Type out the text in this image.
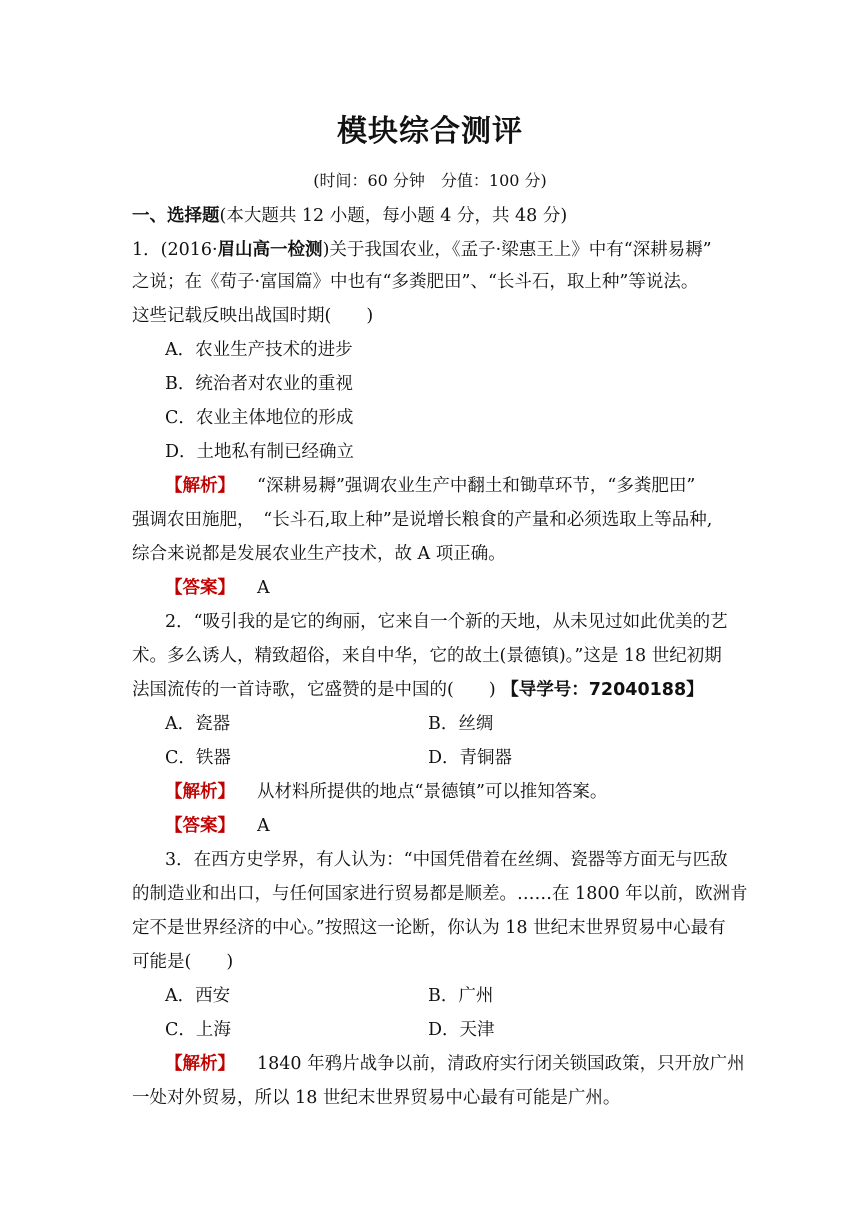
模块综合测评
(时间：60 分钟　分值：100 分)
一、选择题(本大题共 12 小题，每小题 4 分，共 48 分)
1．(2016·眉山高一检测)关于我国农业，《孟子·梁惠王上》中有“深耕易耨”
之说；在《荀子·富国篇》中也有“多粪肥田”、“长斗石，取上种”等说法。
这些记载反映出战国时期(　　)
A．农业生产技术的进步
B．统治者对农业的重视
C．农业主体地位的形成
D．土地私有制已经确立
【解析】 “深耕易耨”强调农业生产中翻土和锄草环节，“多粪肥田”
强调农田施肥，　“长斗石,取上种”是说增长粮食的产量和必须选取上等品种,
综合来说都是发展农业生产技术，故 A 项正确。
【答案】 A
2．“吸引我的是它的绚丽，它来自一个新的天地，从未见过如此优美的艺
术。多么诱人，精致超俗，来自中华，它的故土(景德镇)。”这是 18 世纪初期
法国流传的一首诗歌，它盛赞的是中国的(　　) 【导学号：72040188】
A．瓷器	B．丝绸
C．铁器	D．青铜器
【解析】 从材料所提供的地点“景德镇”可以推知答案。
【答案】 A
3．在西方史学界，有人认为：“中国凭借着在丝绸、瓷器等方面无与匹敌
的制造业和出口，与任何国家进行贸易都是顺差。……在 1800 年以前，欧洲肯
定不是世界经济的中心。”按照这一论断，你认为 18 世纪末世界贸易中心最有
可能是(　　)
A．西安	B．广州
C．上海	D．天津
【解析】 1840 年鸦片战争以前，清政府实行闭关锁国政策，只开放广州
一处对外贸易，所以 18 世纪末世界贸易中心最有可能是广州。
